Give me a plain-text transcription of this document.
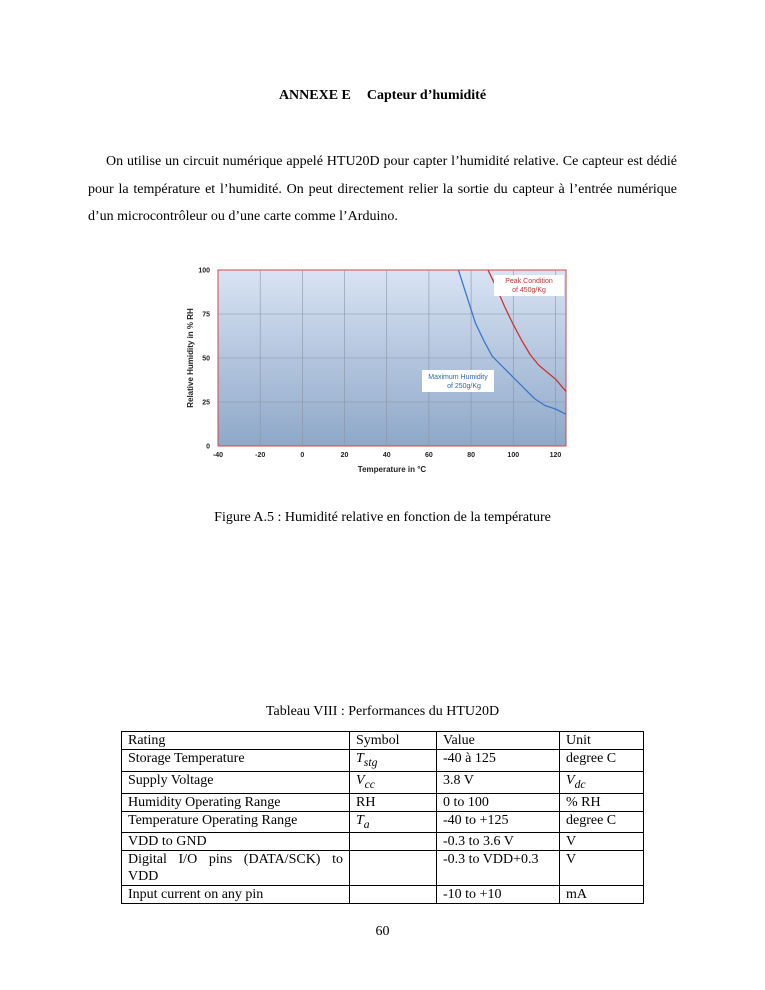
ANNEXE E Capteur d’humidité

On utilise un circuit numérique appelé HTU20D pour capter l’humidité relative. Ce capteur est dédié pour la température et l’humidité. On peut directement relier la sortie du capteur à l’entrée numérique d’un microcontrôleur ou d’une carte comme l’Arduino.

0
25
50
75
100
-40	-20	0	20	40	60	80	100	120
Peak Condition
of 450g/Kg
Maximum Humidity
of 250g/Kg
Temperature in °C
Relative Humidity in % RH
Figure A.5 : Humidité relative en fonction de la température
Tableau VIII : Performances du HTU20D
Rating	Symbol	Value	Unit
Storage Temperature	$T_{stg}$	-40 à 125	degree C
Supply Voltage	$V_{cc}$	3.8 V	$V_{dc}$
Humidity Operating Range	RH	0 to 100	% RH
Temperature Operating Range	$T_a$	-40 to +125	degree C
VDD to GND		-0.3 to 3.6 V	V
Digital I/O pins (DATA/SCK) to VDD		-0.3 to VDD+0.3	V
Input current on any pin		-10 to +10	mA
60
